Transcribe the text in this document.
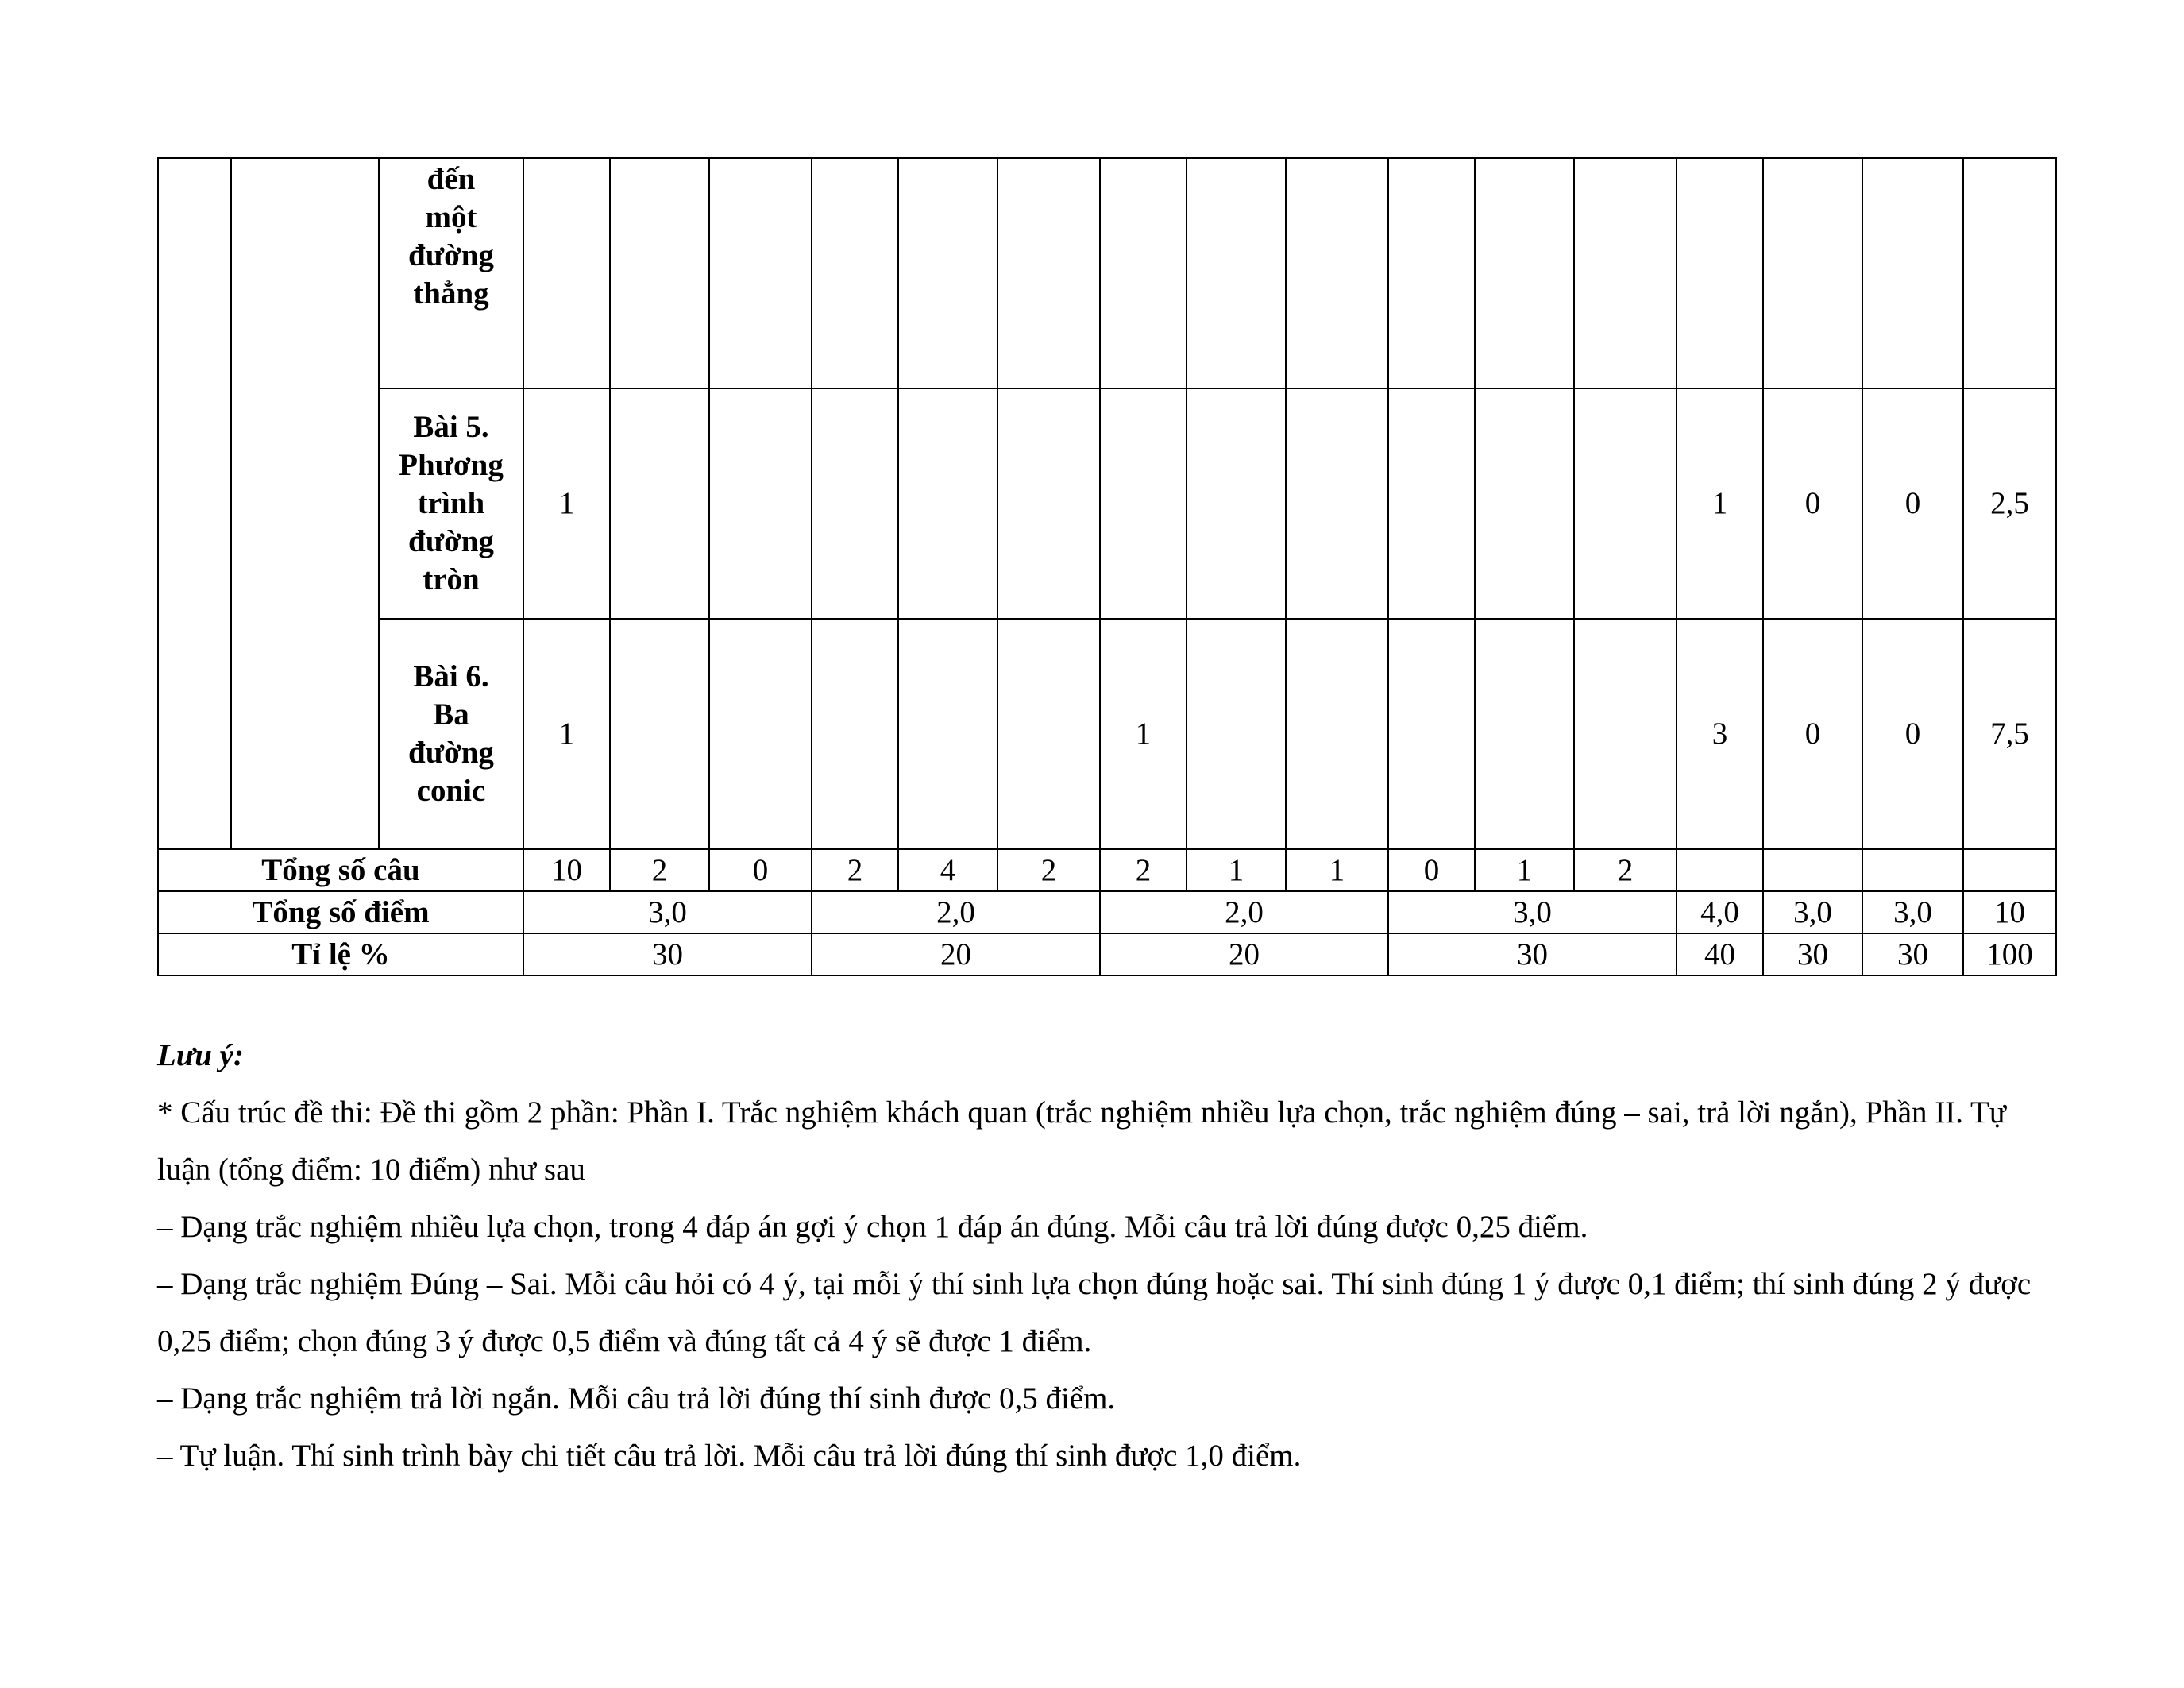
		đến
một
đường
thẳng																
		Bài 5.
Phương
trình
đường
tròn	1												1	0	0	2,5
		Bài 6.
Ba
đường
conic	1						1						3	0	0	7,5
Tổng số câu			10	2	0	2	4	2	2	1	1	0	1	2				
Tổng số điểm			3,0			2,0			2,0			3,0			4,0	3,0	3,0	10
Tỉ lệ %			30			20			20			30			40	30	30	100

Lưu ý:

* Cấu trúc đề thi: Đề thi gồm 2 phần: Phần I. Trắc nghiệm khách quan (trắc nghiệm nhiều lựa chọn, trắc nghiệm đúng – sai, trả lời ngắn), Phần II. Tự luận (tổng điểm: 10 điểm) như sau

– Dạng trắc nghiệm nhiều lựa chọn, trong 4 đáp án gợi ý chọn 1 đáp án đúng. Mỗi câu trả lời đúng được 0,25 điểm.

– Dạng trắc nghiệm Đúng – Sai. Mỗi câu hỏi có 4 ý, tại mỗi ý thí sinh lựa chọn đúng hoặc sai. Thí sinh đúng 1 ý được 0,1 điểm; thí sinh đúng 2 ý được 0,25 điểm; chọn đúng 3 ý được 0,5 điểm và đúng tất cả 4 ý sẽ được 1 điểm.

– Dạng trắc nghiệm trả lời ngắn. Mỗi câu trả lời đúng thí sinh được 0,5 điểm.

– Tự luận. Thí sinh trình bày chi tiết câu trả lời. Mỗi câu trả lời đúng thí sinh được 1,0 điểm.
